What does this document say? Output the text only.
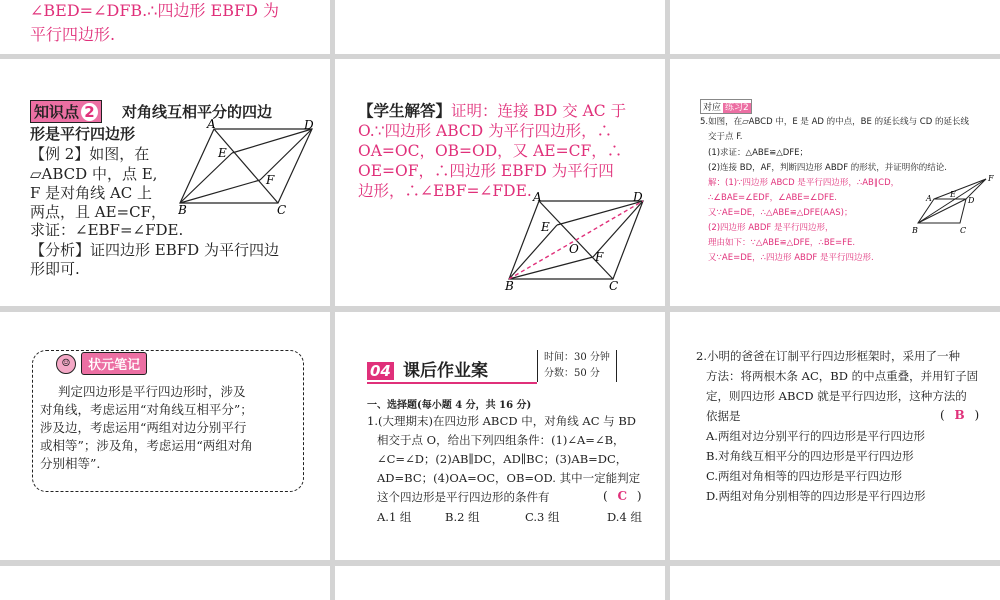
∠BED=∠DFB.∴四边形 EBFD 为

平行四边形.

知识点 2	对角线互相平分的四边

形是平行四边形

【例 2】如图，在

▱ABCD 中，点 E,

F 是对角线 AC 上

两点，且 AE=CF，

求证：∠EBF=∠FDE.

【分析】证四边形 EBFD 为平行四边

形即可.

A	D
E
F
B	C

【学生解答】证明：连接 BD 交 AC 于

O.∵四边形 ABCD 为平行四边形，∴

OA=OC，OB=OD，又 AE=CF，∴

OE=OF，∴四边形 EBFD 为平行四

边形，∴∠EBF=∠FDE. A	D
E
O
F
B	C
对应 练习2

5.如图，在▱ABCD 中，E 是 AD 的中点，BE 的延长线与 CD 的延长线

交于点 F.

(1)求证：△ABE≌△DFE；

(2)连接 BD，AF，判断四边形 ABDF 的形状，并证明你的结论.

解：(1)∵四边形 ABCD 是平行四边形，∴AB∥CD，

∴∠BAE=∠EDF，∠ABE=∠DFE.

又∵AE=DE，∴△ABE≌△DFE(AAS)；

(2)四边形 ABDF 是平行四边形，

理由如下：∵△ABE≌△DFE，∴BE=FE.

又∵AE=DE，∴四边形 ABDF 是平行四边形.

A E
D
F
B	C
☺ 状元笔记

判定四边形是平行四边形时，涉及

对角线，考虑运用“对角线互相平分”；

涉及边，考虑运用“两组对边分别平行

或相等”；涉及角，考虑运用“两组对角

分别相等”.

04 课后作业案
时间：30 分钟
分数：50 分

一、选择题(每小题 4 分，共 16 分)

1.(大理期末)在四边形 ABCD 中，对角线 AC 与 BD

相交于点 O，给出下列四组条件：(1)∠A=∠B，

∠C=∠D；(2)AB∥DC，AD∥BC；(3)AB=DC，

AD=BC；(4)OA=OC，OB=OD. 其中一定能判定

这个四边形是平行四边形的条件有	( C )

A.1 组	B.2 组	C.3 组	D.4 组

2.小明的爸爸在订制平行四边形框架时，采用了一种

方法：将两根木条 AC，BD 的中点重叠，并用钉子固

定，则四边形 ABCD 就是平行四边形，这种方法的

依据是	( B )

A.两组对边分别平行的四边形是平行四边形

B.对角线互相平分的四边形是平行四边形

C.两组对角相等的四边形是平行四边形

D.两组对角分别相等的四边形是平行四边形
